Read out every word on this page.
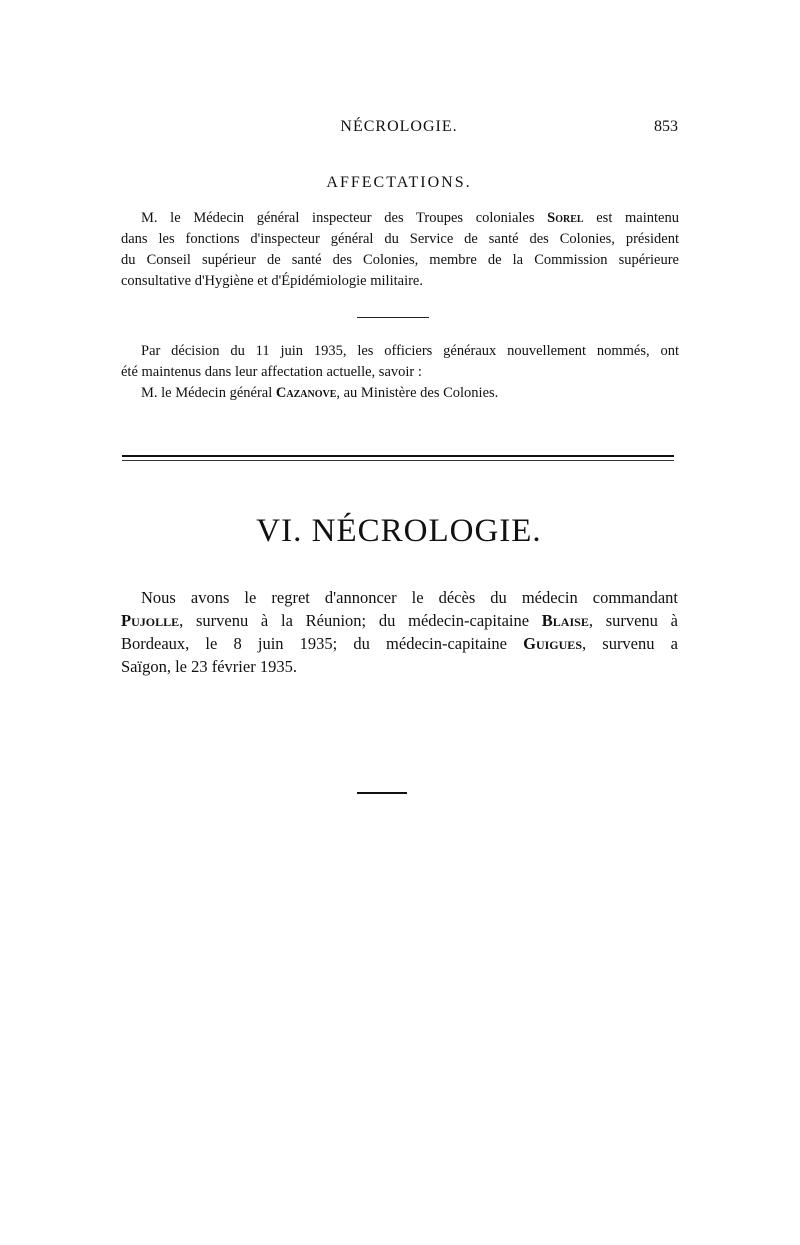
NÉCROLOGIE.	853
AFFECTATIONS.
M. le Médecin général inspecteur des Troupes coloniales Sorel est maintenu
dans les fonctions d'inspecteur général du Service de santé des Colonies, président
du Conseil supérieur de santé des Colonies, membre de la Commission supérieure
consultative d'Hygiène et d'Épidémiologie militaire.
Par décision du 11 juin 1935, les officiers généraux nouvellement nommés, ont
été maintenus dans leur affectation actuelle, savoir :
M. le Médecin général Cazanove, au Ministère des Colonies.
VI. NÉCROLOGIE.
Nous avons le regret d'annoncer le décès du médecin commandant
Pujolle, survenu à la Réunion; du médecin-capitaine Blaise, survenu à
Bordeaux, le 8 juin 1935; du médecin-capitaine Guigues, survenu a
Saïgon, le 23 février 1935.
